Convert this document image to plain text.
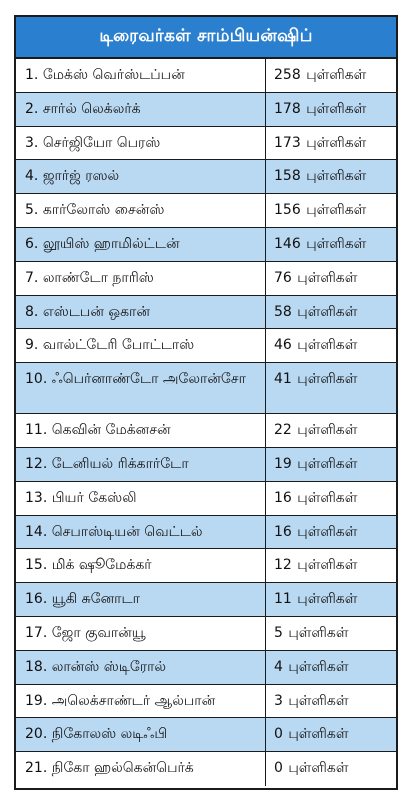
டிரைவர்கள் சாம்பியன்ஷிப்
1. மேக்ஸ் வெர்ஸ்டப்பன்	258 புள்ளிகள்
2. சார்ல் லெக்லர்க்	178 புள்ளிகள்
3. செர்ஜியோ பெரஸ்	173 புள்ளிகள்
4. ஜார்ஜ் ரஸல்	158 புள்ளிகள்
5. கார்லோஸ் சைன்ஸ்	156 புள்ளிகள்
6. லூயிஸ் ஹாமில்ட்டன்	146 புள்ளிகள்
7. லாண்டோ நாரிஸ்	76 புள்ளிகள்
8. எஸ்டபன் ஒகான்	58 புள்ளிகள்
9. வால்ட்டேரி போட்டாஸ்	46 புள்ளிகள்
10. ஃபெர்னாண்டோ அலோன்சோ	41 புள்ளிகள்
11. கெவின் மேக்னசன்	22 புள்ளிகள்
12. டேனியல் ரிக்கார்டோ	19 புள்ளிகள்
13. பியர் கேஸ்லி	16 புள்ளிகள்
14. செபாஸ்டியன் வெட்டல்	16 புள்ளிகள்
15. மிக் ஷூமேக்கர்	12 புள்ளிகள்
16. யூகி சுனோடா	11 புள்ளிகள்
17. ஜோ குவான்யூ	5 புள்ளிகள்
18. லான்ஸ் ஸ்டிரோல்	4 புள்ளிகள்
19. அலெக்சாண்டர் ஆல்பான்	3 புள்ளிகள்
20. நிகோலஸ் லடிஃபி	0 புள்ளிகள்
21. நிகோ ஹல்கென்பெர்க்	0 புள்ளிகள்
